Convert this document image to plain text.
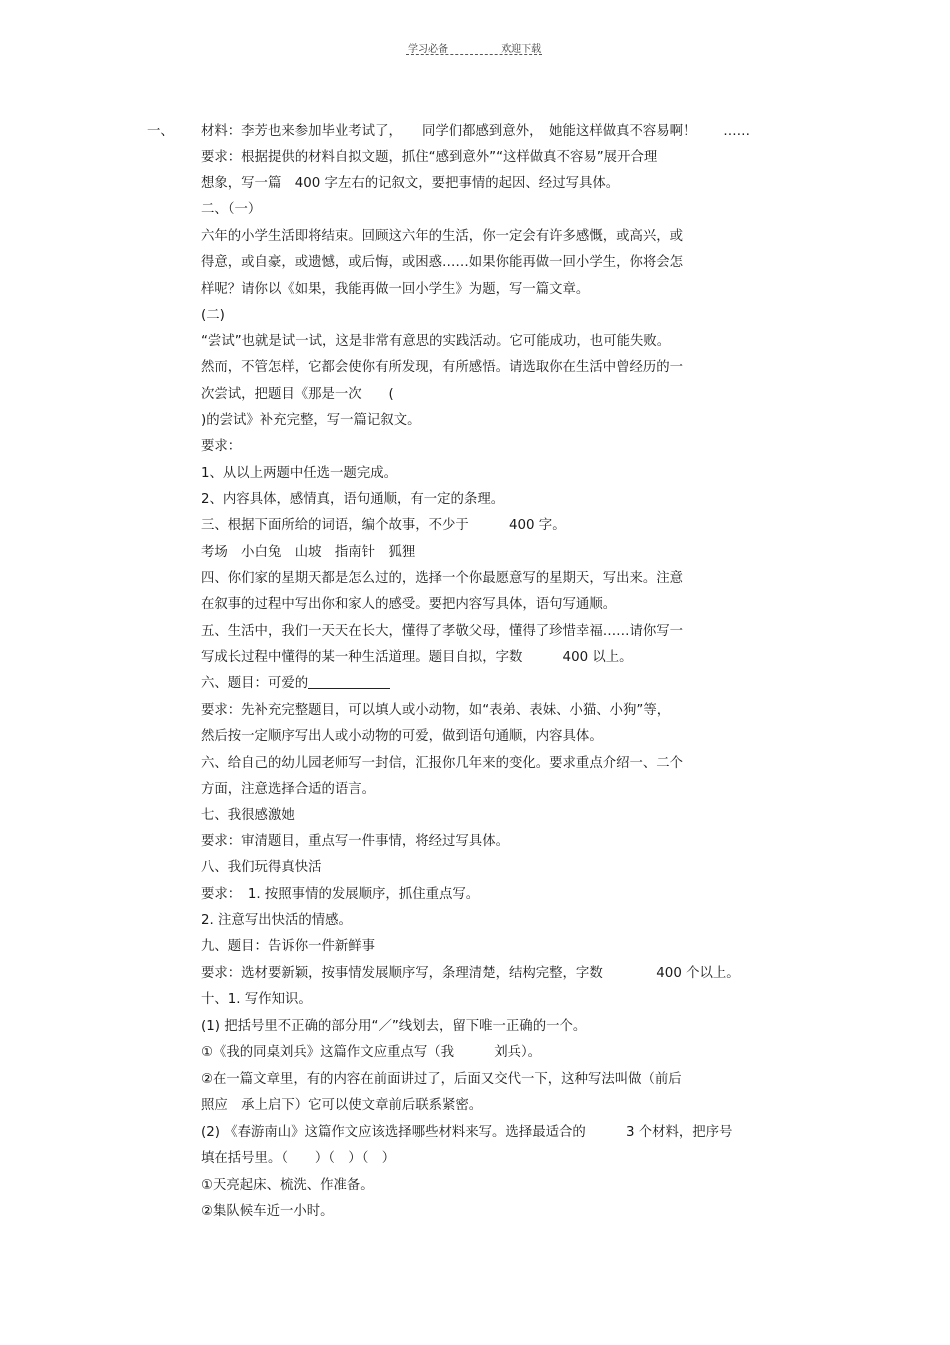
学习必备	欢迎下载
一、 材料：李芳也来参加毕业考试了，　　同学们都感到意外，　她能这样做真不容易啊！　　……
要求：根据提供的材料自拟文题，抓住“感到意外”“这样做真不容易”展开合理
想象，写一篇　400 字左右的记叙文，要把事情的起因、经过写具体。
二、（一）
六年的小学生活即将结束。回顾这六年的生活，你一定会有许多感慨，或高兴，或
得意，或自豪，或遗憾，或后悔，或困惑……如果你能再做一回小学生，你将会怎
样呢？请你以《如果，我能再做一回小学生》为题，写一篇文章。
(二)
“尝试”也就是试一试，这是非常有意思的实践活动。它可能成功，也可能失败。
然而，不管怎样，它都会使你有所发现，有所感悟。请选取你在生活中曾经历的一
次尝试，把题目《那是一次　　(
)的尝试》补充完整，写一篇记叙文。
要求：
1、从以上两题中任选一题完成。
2、内容具体，感情真，语句通顺，有一定的条理。
三、根据下面所给的词语，编个故事，不少于　　　400 字。
考场　小白兔　山坡　指南针　狐狸
四、你们家的星期天都是怎么过的，选择一个你最愿意写的星期天，写出来。注意
在叙事的过程中写出你和家人的感受。要把内容写具体，语句写通顺。
五、生活中，我们一天天在长大，懂得了孝敬父母，懂得了珍惜幸福……请你写一
写成长过程中懂得的某一种生活道理。题目自拟，字数　　　400 以上。
六、题目：可爱的
要求：先补充完整题目，可以填人或小动物，如“表弟、表妹、小猫、小狗”等，
然后按一定顺序写出人或小动物的可爱，做到语句通顺，内容具体。
六、给自己的幼儿园老师写一封信，汇报你几年来的变化。要求重点介绍一、二个
方面，注意选择合适的语言。
七、我很感激她
要求：审清题目，重点写一件事情，将经过写具体。
八、我们玩得真快活
要求：　1. 按照事情的发展顺序，抓住重点写。
2. 注意写出快活的情感。
九、题目：告诉你一件新鲜事
要求：选材要新颖，按事情发展顺序写，条理清楚，结构完整，字数　　　　400 个以上。
十、1. 写作知识。
(1) 把括号里不正确的部分用“／”线划去，留下唯一正确的一个。
①《我的同桌刘兵》这篇作文应重点写（我　　　刘兵）。
②在一篇文章里，有的内容在前面讲过了，后面又交代一下，这种写法叫做（前后
照应　承上启下）它可以使文章前后联系紧密。
(2) 《春游南山》这篇作文应该选择哪些材料来写。选择最适合的　　　3 个材料，把序号
填在括号里。（　　）（　）（　）
①天亮起床、梳洗、作准备。
②集队候车近一小时。
